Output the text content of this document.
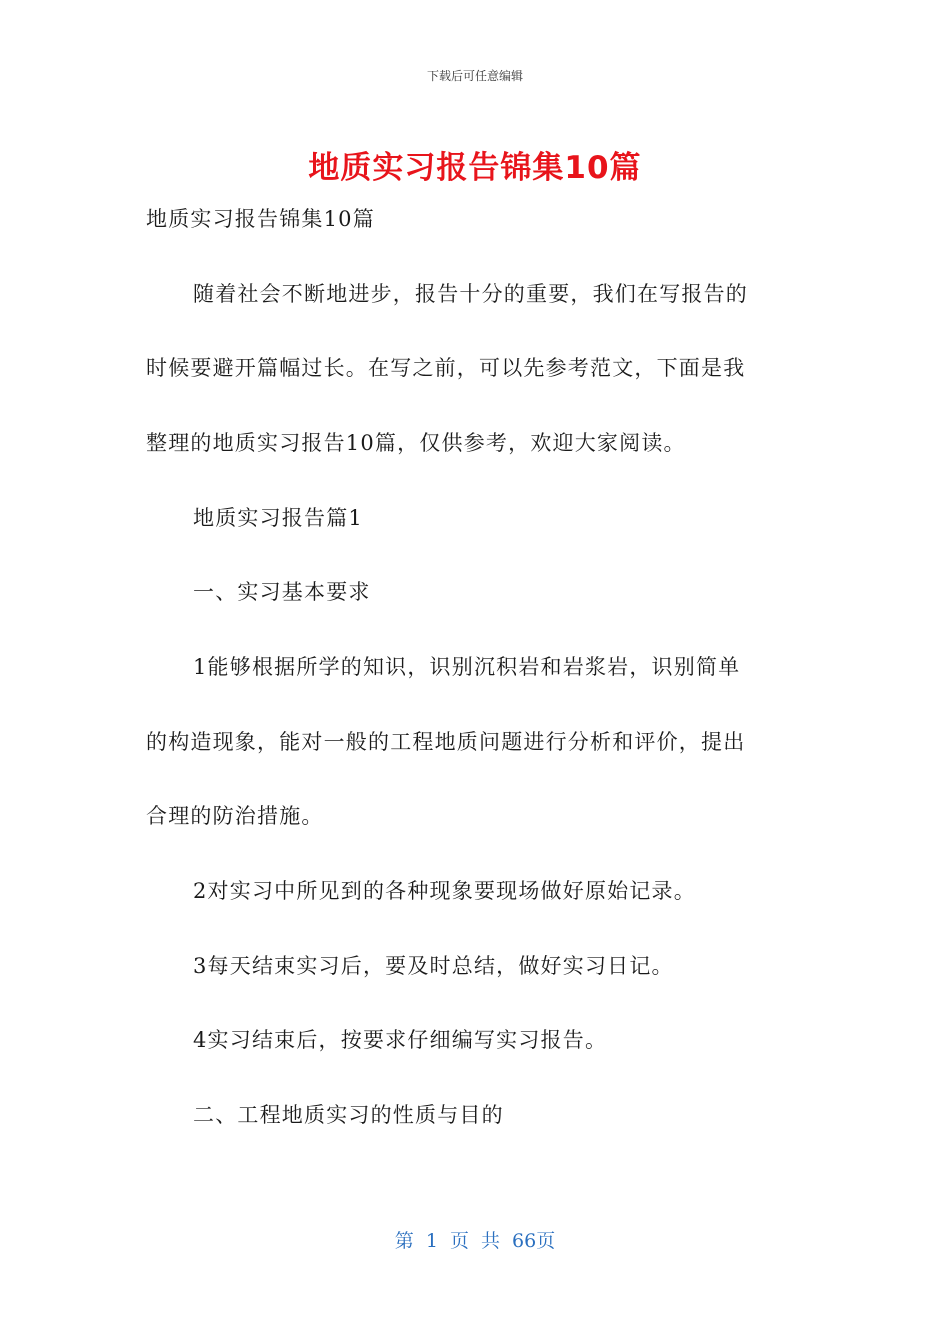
下载后可任意编辑
地质实习报告锦集10篇
地质实习报告锦集10篇
随着社会不断地进步，报告十分的重要，我们在写报告的
时候要避开篇幅过长。在写之前，可以先参考范文，下面是我
整理的地质实习报告10篇，仅供参考，欢迎大家阅读。
地质实习报告篇1
一、实习基本要求
1能够根据所学的知识，识别沉积岩和岩浆岩，识别简单
的构造现象，能对一般的工程地质问题进行分析和评价，提出
合理的防治措施。
2对实习中所见到的各种现象要现场做好原始记录。
3每天结束实习后，要及时总结，做好实习日记。
4实习结束后，按要求仔细编写实习报告。
二、工程地质实习的性质与目的
第 1 页 共 66页
